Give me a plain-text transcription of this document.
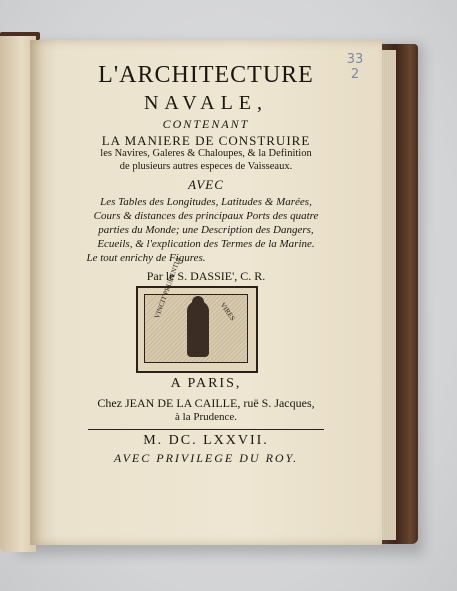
33
2
L'ARCHITECTURE
NAVALE,
CONTENANT
LA MANIERE DE CONSTRUIRE
les Navires, Galeres & Chaloupes, & la Definition
de plusieurs autres especes de Vaisseaux.
AVEC
Les Tables des Longitudes, Latitudes & Marées,
Cours & distances des principaux Ports des quatre
parties du Monde; une Description des Dangers,
Ecueils, & l'explication des Termes de la Marine.
Le tout enrichy de Figures.
Par le S. DASSIE', C. R.
VINCIT PRUDENTIA	VIRES
A PARIS,
Chez JEAN DE LA CAILLE, ruë S. Jacques,
à la Prudence.
M. DC. LXXVII.
AVEC PRIVILEGE DU ROY.
